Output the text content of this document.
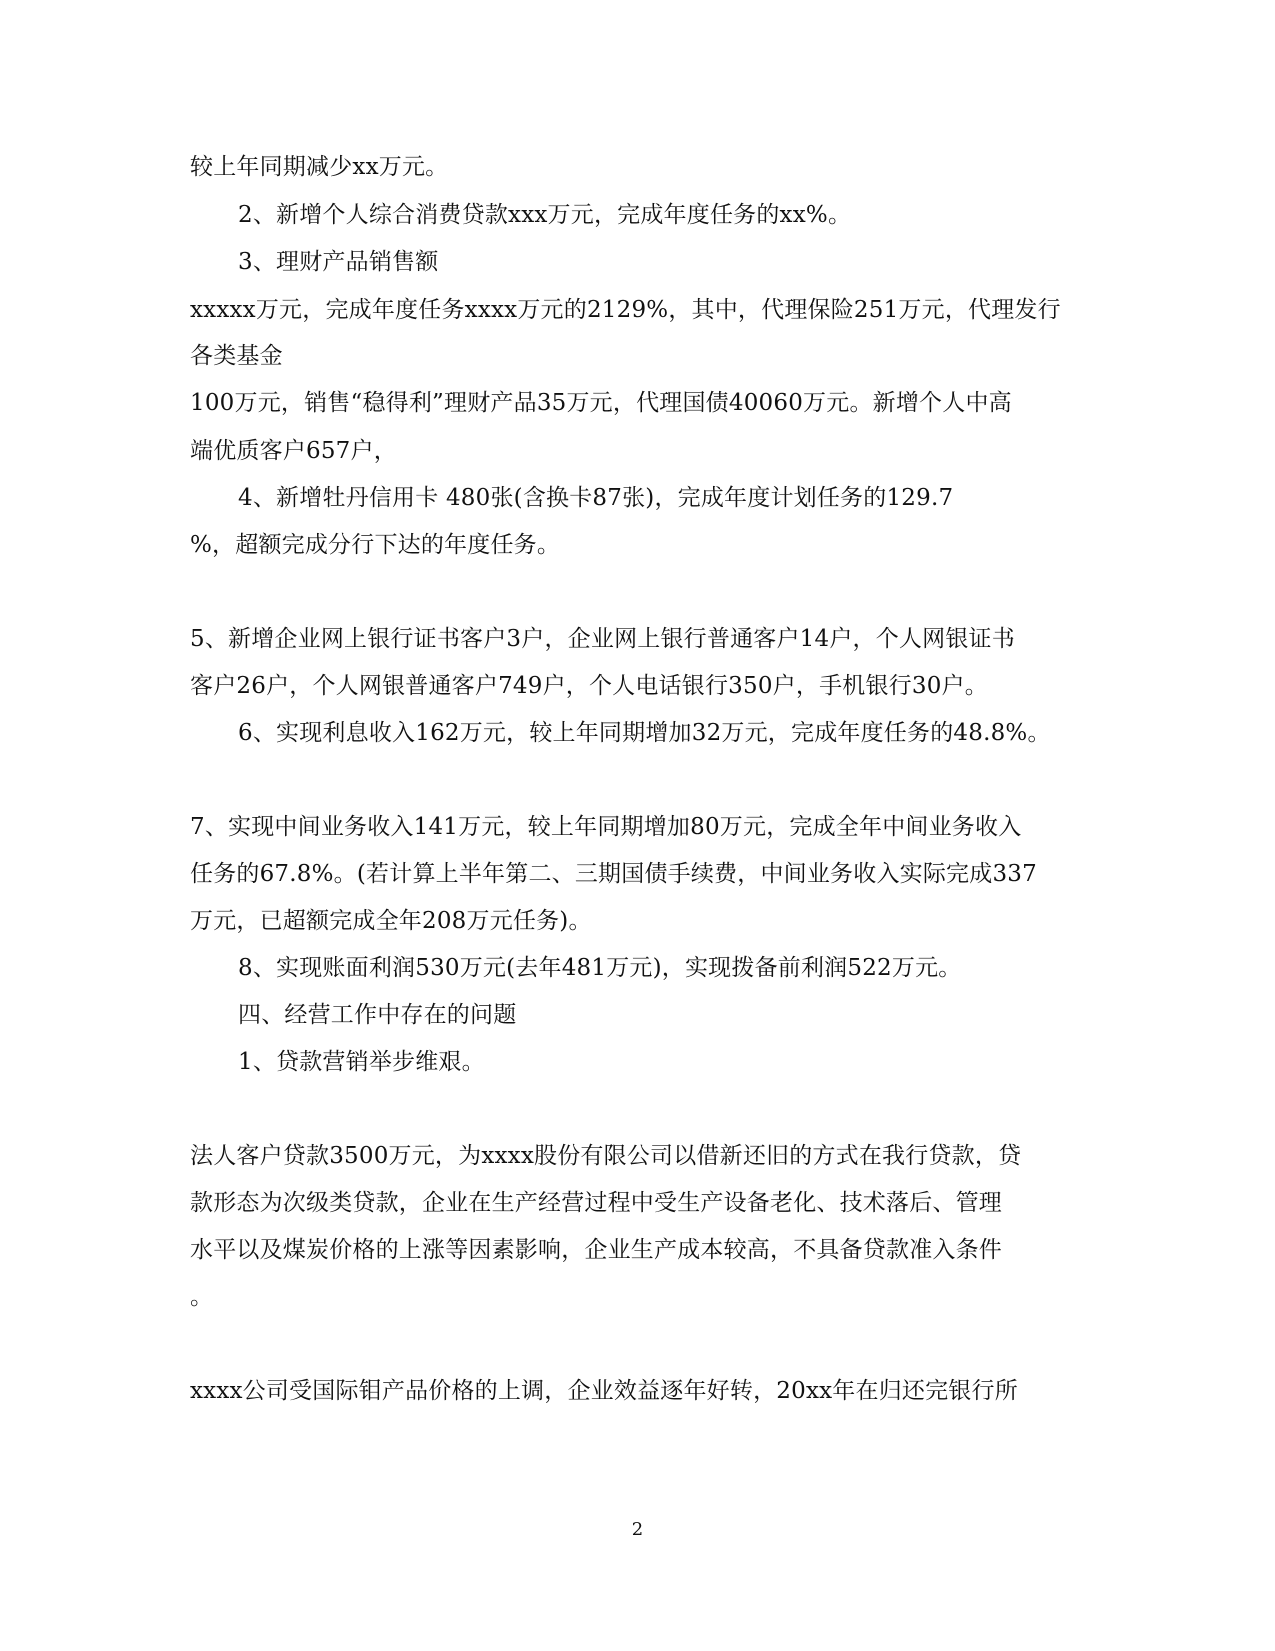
较上年同期减少xx万元。
2、新增个人综合消费贷款xxx万元，完成年度任务的xx%。
3、理财产品销售额
xxxxx万元，完成年度任务xxxx万元的2129%，其中，代理保险251万元，代理发行
各类基金
100万元，销售“稳得利”理财产品35万元，代理国债40060万元。新增个人中高
端优质客户657户，
4、新增牡丹信用卡 480张(含换卡87张)，完成年度计划任务的129.7
%，超额完成分行下达的年度任务。
5、新增企业网上银行证书客户3户，企业网上银行普通客户14户，个人网银证书
客户26户，个人网银普通客户749户，个人电话银行350户，手机银行30户。
6、实现利息收入162万元，较上年同期增加32万元，完成年度任务的48.8%。
7、实现中间业务收入141万元，较上年同期增加80万元，完成全年中间业务收入
任务的67.8%。(若计算上半年第二、三期国债手续费，中间业务收入实际完成337
万元，已超额完成全年208万元任务)。
8、实现账面利润530万元(去年481万元)，实现拨备前利润522万元。
四、经营工作中存在的问题
1、贷款营销举步维艰。
法人客户贷款3500万元，为xxxx股份有限公司以借新还旧的方式在我行贷款，贷
款形态为次级类贷款，企业在生产经营过程中受生产设备老化、技术落后、管理
水平以及煤炭价格的上涨等因素影响，企业生产成本较高，不具备贷款准入条件
。
xxxx公司受国际钼产品价格的上调，企业效益逐年好转，20xx年在归还完银行所
2
